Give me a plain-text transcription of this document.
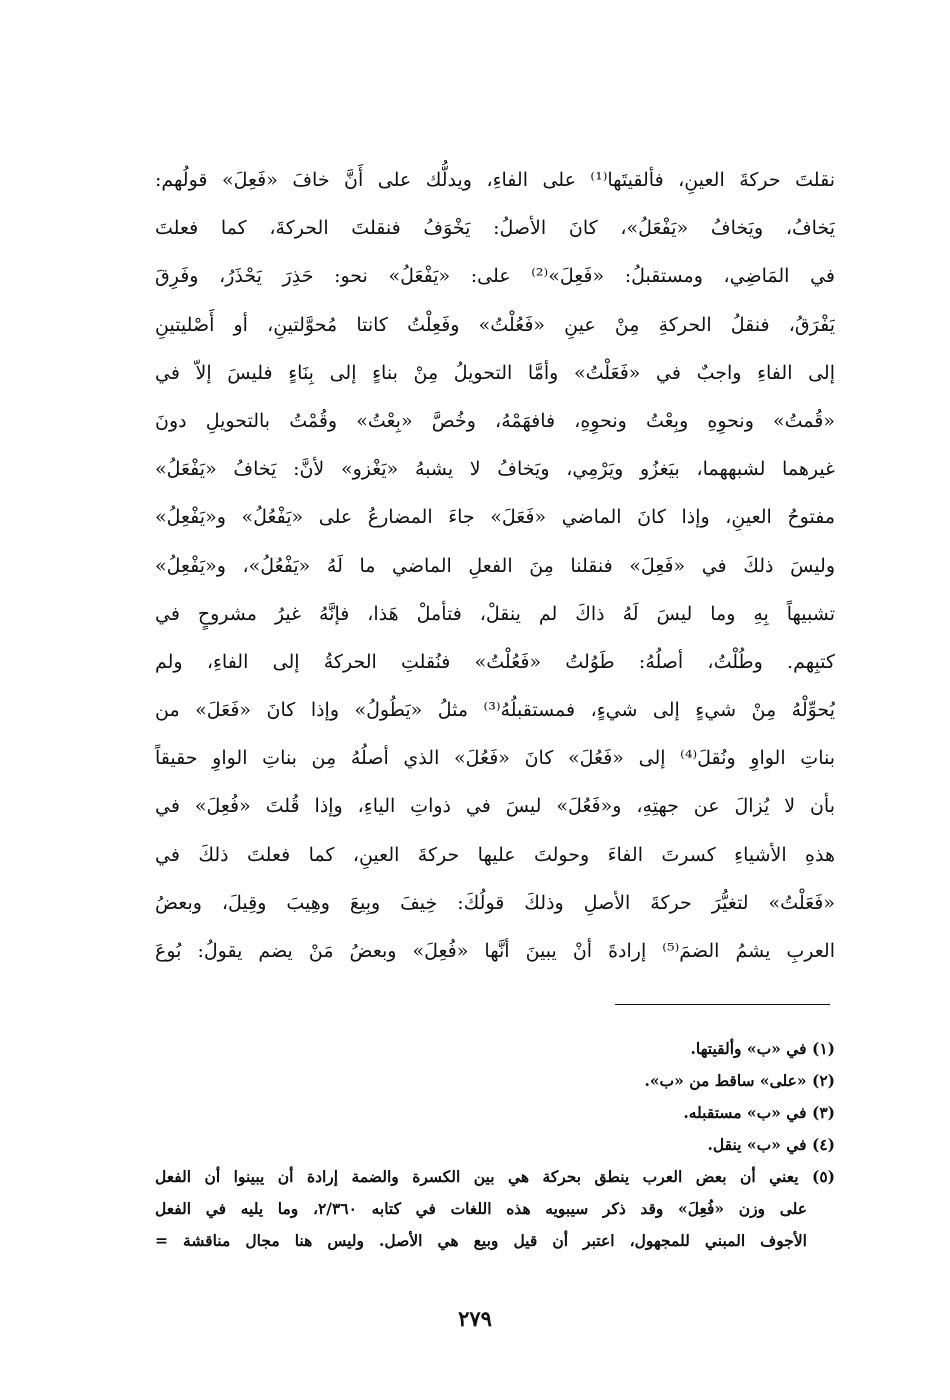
نقلتَ حركةَ العينِ، فألقيتَها⁽¹⁾ على الفاءِ، ويدلُّك على أَنَّ خافَ «فَعِلَ» قولُهم:
يَخافُ، ويَخافُ «يَفْعَلُ»، كانَ الأصلُ: يَخْوَفُ فنقلتَ الحركةَ، كما فعلتَ
في المَاضِي، ومستقبلُ: «فَعِلَ»⁽²⁾ على: «يَفْعَلُ» نحو: حَذِرَ يَحْذَرُ، وفَرِقَ
يَفْرَقُ، فنقلُ الحركةِ مِنْ عينِ «فَعُلْتُ» وفَعِلْتُ كانتا مُحوَّلتينِ، أو أَصْليتينِ
إلى الفاءِ واجبٌ في «فَعَلْتُ» وأمَّا التحويلُ مِنْ بناءٍ إلى بِنَاءٍ فليسَ إلاّ في
«قُمتُ» ونحوِهِ وبِعْتُ ونحوِهِ، فافهَمْهُ، وخُصَّ «بِعْتُ» وقُمْتُ بالتحويلِ دونَ
غيرهما لشبههما، بيَغزُو ويَرْمِي، ويَخافُ لا يشبهُ «يَغْزو» لأنَّ: يَخافُ «يَفْعَلُ»
مفتوحُ العينِ، وإذا كانَ الماضي «فَعَلَ» جاءَ المضارعُ على «يَفْعُلُ» و«يَفْعِلُ»
وليسَ ذلكَ في «فَعِلَ» فنقلنا مِنَ الفعلِ الماضي ما لَهُ «يَفْعُلُ»، و«يَفْعِلُ»
تشبيهاً بِهِ وما ليسَ لَهُ ذاكَ لم ينقلْ، فتأملْ هَذا، فإنَّهُ غيرُ مشروحٍ في
كتبِهم. وطُلْتُ، أصلُهُ: طَوُلتُ «فَعُلْتُ» فنُقلتِ الحركةُ إلى الفاءِ، ولم
يُحوِّلْهُ مِنْ شيءٍ إلى شيءٍ، فمستقبلُهُ⁽³⁾ مثلُ «يَطُولُ» وإذا كانَ «فَعَلَ» من
بناتِ الواوِ ونُقلَ⁽⁴⁾ إلى «فَعُلَ» كانَ «فَعُلَ» الذي أصلُهُ مِن بناتِ الواوِ حقيقاً
بأن لا يُزالَ عن جهتِهِ، و«فَعُلَ» ليسَ في ذواتِ الياءِ، وإذا قُلتَ «فُعِلَ» في
هذهِ الأشياءِ كسرتَ الفاءَ وحولتَ عليها حركةَ العينِ، كما فعلتَ ذلكَ في
«فَعَلْتُ» لتغيُّرَ حركةَ الأصلِ وذلكَ قولُكَ: خِيفَ وبِيعَ وهِيبَ وقِيلَ، وبعضُ
العربِ يشمُ الضمَ⁽⁵⁾ إرادةَ أنْ يبينَ أنَّها «فُعِلَ» وبعضُ مَنْ يضم يقولُ: بُوعَ
(١) في «ب» وألقيتها.
(٢) «على» ساقط من «ب».
(٣) في «ب» مستقبله.
(٤) في «ب» ينقل.
(٥) يعني أن بعض العرب ينطق بحركة هي بين الكسرة والضمة إرادة أن يبينوا أن الفعل
على وزن «فُعِلَ» وقد ذكر سيبويه هذه اللغات في كتابه ٢/٣٦٠، وما يليه في الفعل
الأجوف المبني للمجهول، اعتبر أن قيل وبيع هي الأصل. وليس هنا مجال مناقشة =
٢٧٩
